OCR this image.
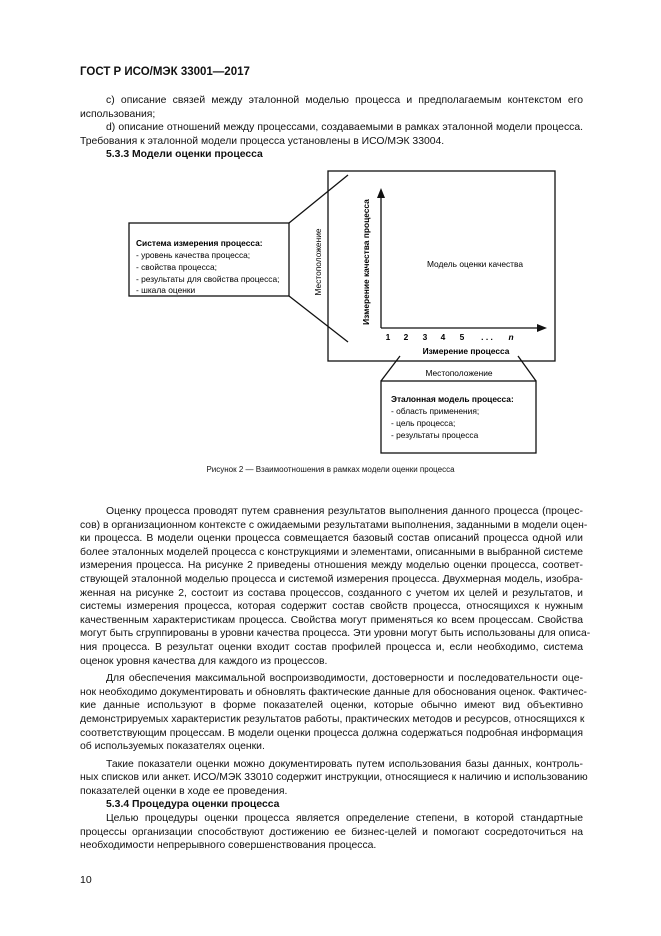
ГОСТ Р ИСО/МЭК 33001—2017
c) описание связей между эталонной моделью процесса и предполагаемым контекстом его
использования;
d) описание отношений между процессами, создаваемыми в рамках эталонной модели процесса.
Требования к эталонной модели процесса установлены в ИСО/МЭК 33004.
5.3.3 Модели оценки процесса
Система измерения процесса:
- уровень качества процесса;
- свойства процесса;
- результаты для свойства процесса;
- шкала оценки	Местоположение	Измерение качества процесса	Модель оценки качества
1 2 3 4 5 . . . n
Измерение процесса
Местоположение
Эталонная модель процесса:
- область применения;
- цель процесса;
- результаты процесса
Рисунок 2 — Взаимоотношения в рамках модели оценки процесса
Оценку процесса проводят путем сравнения результатов выполнения данного процесса (процес-
сов) в организационном контексте с ожидаемыми результатами выполнения, заданными в модели оцен-
ки процесса. В модели оценки процесса совмещается базовый состав описаний процесса одной или
более эталонных моделей процесса с конструкциями и элементами, описанными в выбранной системе
измерения процесса. На рисунке 2 приведены отношения между моделью оценки процесса, соответ-
ствующей эталонной моделью процесса и системой измерения процесса. Двухмерная модель, изобра-
женная на рисунке 2, состоит из состава процессов, созданного с учетом их целей и результатов, и
системы измерения процесса, которая содержит состав свойств процесса, относящихся к нужным
качественным характеристикам процесса. Свойства могут применяться ко всем процессам. Свойства
могут быть сгруппированы в уровни качества процесса. Эти уровни могут быть использованы для описа-
ния процесса. В результат оценки входит состав профилей процесса и, если необходимо, система
оценок уровня качества для каждого из процессов.
Для обеспечения максимальной воспроизводимости, достоверности и последовательности оце-
нок необходимо документировать и обновлять фактические данные для обоснования оценок. Фактичес-
кие данные используют в форме показателей оценки, которые обычно имеют вид объективно
демонстрируемых характеристик результатов работы, практических методов и ресурсов, относящихся к
соответствующим процессам. В модели оценки процесса должна содержаться подробная информация
об используемых показателях оценки.
Такие показатели оценки можно документировать путем использования базы данных, контроль-
ных списков или анкет. ИСО/МЭК 33010 содержит инструкции, относящиеся к наличию и использованию
показателей оценки в ходе ее проведения.
5.3.4 Процедура оценки процесса
Целью процедуры оценки процесса является определение степени, в которой стандартные
процессы организации способствуют достижению ее бизнес-целей и помогают сосредоточиться на
необходимости непрерывного совершенствования процесса.
10
